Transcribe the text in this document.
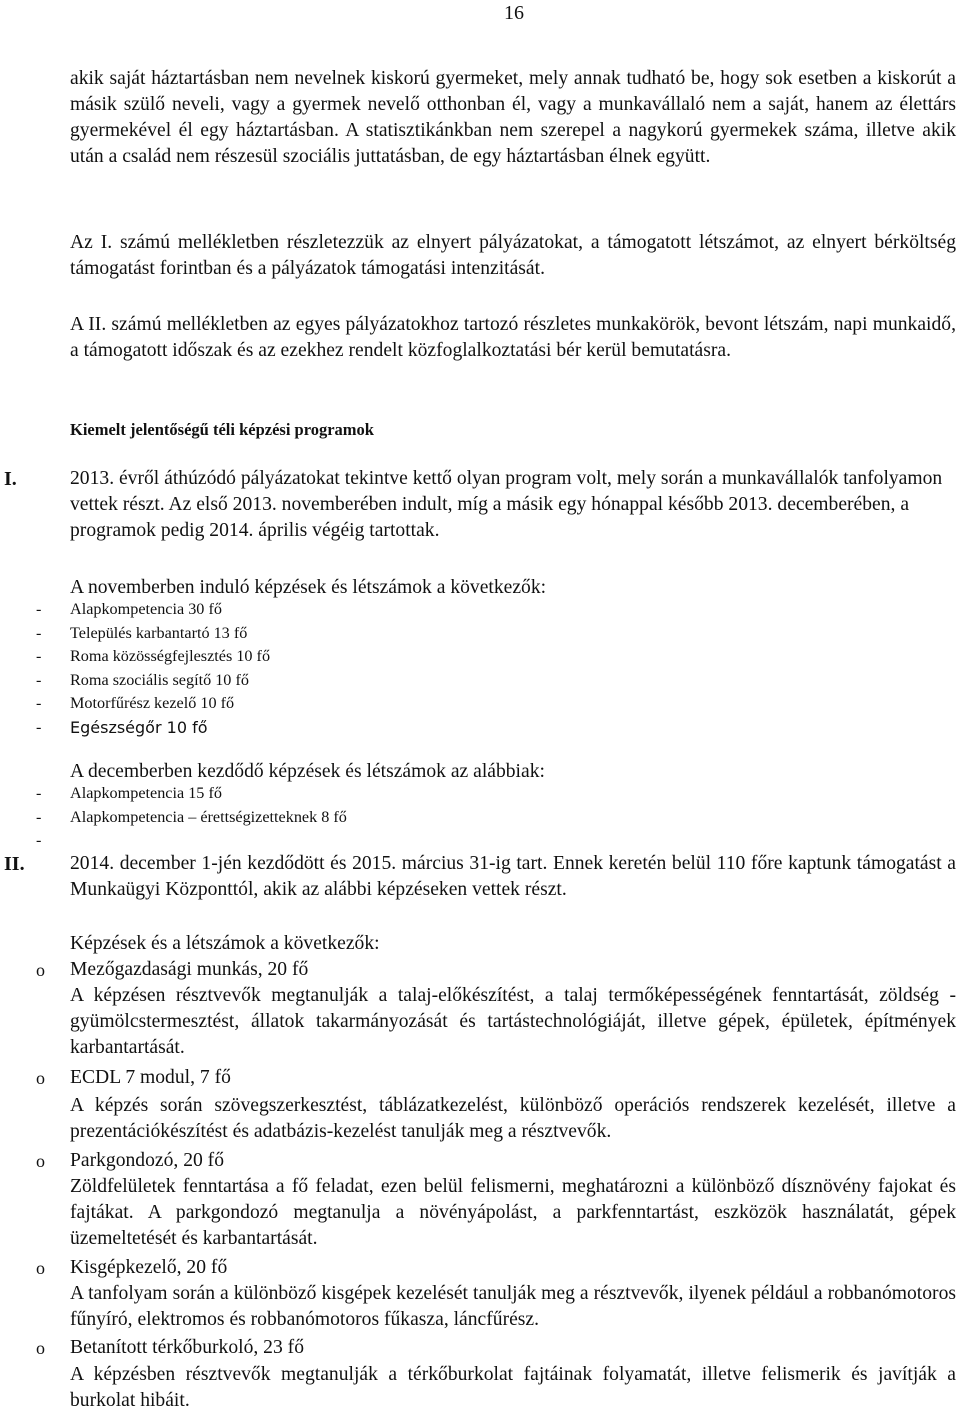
16

akik saját háztartásban nem nevelnek kiskorú gyermeket, mely annak tudható be, hogy sok esetben a kiskorút a másik szülő neveli, vagy a gyermek nevelő otthonban él, vagy a munkavállaló nem a saját, hanem az élettárs gyermekével él egy háztartásban. A statisztikánkban nem szerepel a nagykorú gyermekek száma, illetve akik után a család nem részesül szociális juttatásban, de egy háztartásban élnek együtt.

Az I. számú mellékletben részletezzük az elnyert pályázatokat, a támogatott létszámot, az elnyert bérköltség támogatást forintban és a pályázatok támogatási intenzitását.

A II. számú mellékletben az egyes pályázatokhoz tartozó részletes munkakörök, bevont létszám, napi munkaidő, a támogatott időszak és az ezekhez rendelt közfoglalkoztatási bér kerül bemutatásra.

Kiemelt jelentőségű téli képzési programok
I.	2013. évről áthúzódó pályázatokat tekintve kettő olyan program volt, mely során a munkavállalók tanfolyamon vettek részt. Az első 2013. novemberében indult, míg a másik egy hónappal később 2013. decemberében, a programok pedig 2014. április végéig tartottak.

A novemberben induló képzések és létszámok a következők:
- Alapkompetencia 30 fő
- Település karbantartó 13 fő
- Roma közösségfejlesztés 10 fő
- Roma szociális segítő 10 fő
- Motorfűrész kezelő 10 fő
- Egészségőr 10 fő
A decemberben kezdődő képzések és létszámok az alábbiak:
- Alapkompetencia 15 fő
- Alapkompetencia – érettségizetteknek 8 fő
-
II. 2014. december 1-jén kezdődött és 2015. március 31-ig tart. Ennek keretén belül 110 főre kaptunk támogatást a Munkaügyi Központtól, akik az alábbi képzéseken vettek részt.

Képzések és a létszámok a következők:
o Mezőgazdasági munkás, 20 fő

A képzésen résztvevők megtanulják a talaj-előkészítést, a talaj termőképességének fenntartását, zöldség - gyümölcstermesztést, állatok takarmányozását és tartástechnológiáját, illetve gépek, épületek, építmények karbantartását.

o ECDL 7 modul, 7 fő

A képzés során szövegszerkesztést, táblázatkezelést, különböző operációs rendszerek kezelését, illetve a prezentációkészítést és adatbázis-kezelést tanulják meg a résztvevők.

o Parkgondozó, 20 fő

Zöldfelületek fenntartása a fő feladat, ezen belül felismerni, meghatározni a különböző dísznövény fajokat és fajtákat. A parkgondozó megtanulja a növényápolást, a parkfenntartást, eszközök használatát, gépek üzemeltetését és karbantartását.

o Kisgépkezelő, 20 fő

A tanfolyam során a különböző kisgépek kezelését tanulják meg a résztvevők, ilyenek például a robbanómotoros fűnyíró, elektromos és robbanómotoros fűkasza, láncfűrész.

o Betanított térkőburkoló, 23 fő

A képzésben résztvevők megtanulják a térkőburkolat fajtáinak folyamatát, illetve felismerik és javítják a burkolat hibáit.
